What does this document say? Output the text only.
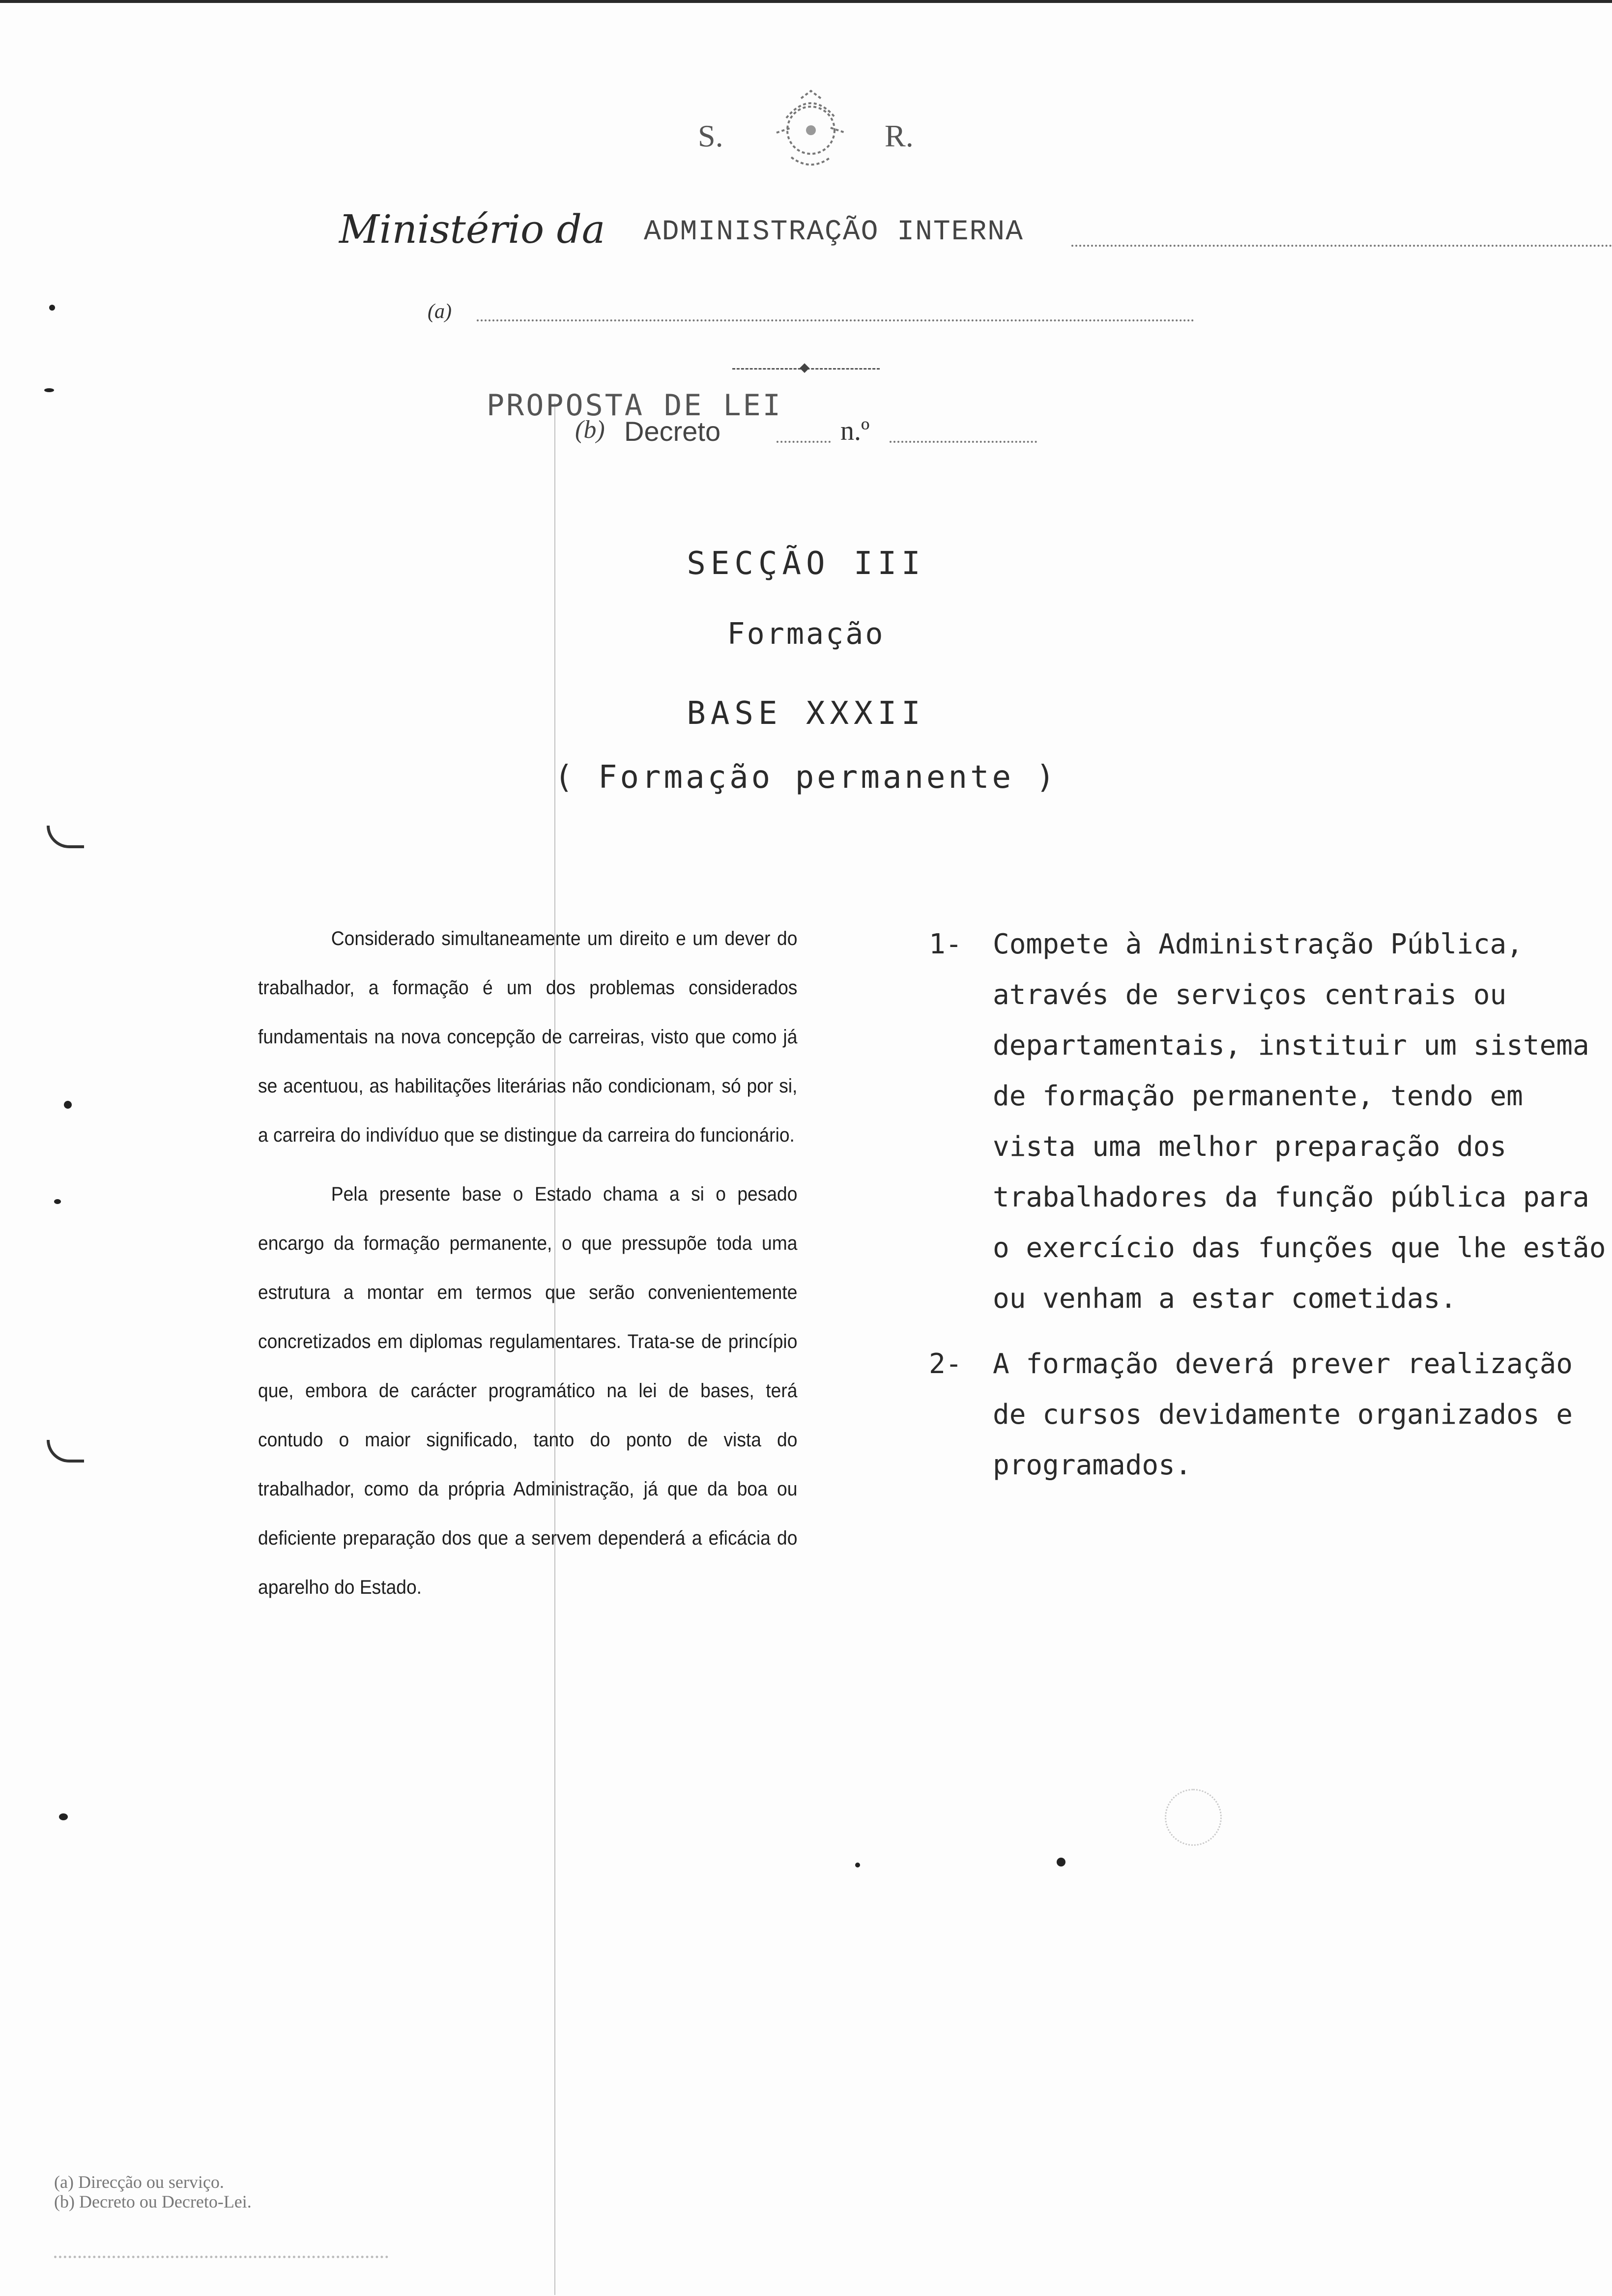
S.	R.
Ministério da ADMINISTRAÇÃO INTERNA
(a)
PROPOSTA DE LEI
(b) Decreto	n.º
SECÇÃO III
Formação
BASE XXXII
( Formação permanente )

Considerado simultaneamente um direito e um dever do trabalhador, a formação é um dos problemas considerados fundamentais na nova concepção de carreiras, visto que como já se acentuou, as habilitações literárias não condicionam, só por si, a carreira do indivíduo que se distingue da carreira do funcionário.

Pela presente base o Estado chama a si o pesado encargo da formação permanente, o que pressupõe toda uma estrutura a montar em termos que serão convenientemente concretizados em diplomas regulamentares. Trata-se de princípio que, embora de carácter programático na lei de bases, terá contudo o maior significado, tanto do ponto de vista do trabalhador, como da própria Administração, já que da boa ou deficiente preparação dos que a servem dependerá a eficácia do aparelho do Estado.

1- Compete à Administração Pública, através de serviços centrais ou departamentais, instituir um sistema de formação permanente, tendo em vista uma melhor preparação dos trabalhadores da função pública para o exercício das funções que lhe estão ou venham a estar cometidas.
2- A formação deverá prever realização de cursos devidamente organizados e programados.
(a) Direcção ou serviço.
(b) Decreto ou Decreto-Lei.
